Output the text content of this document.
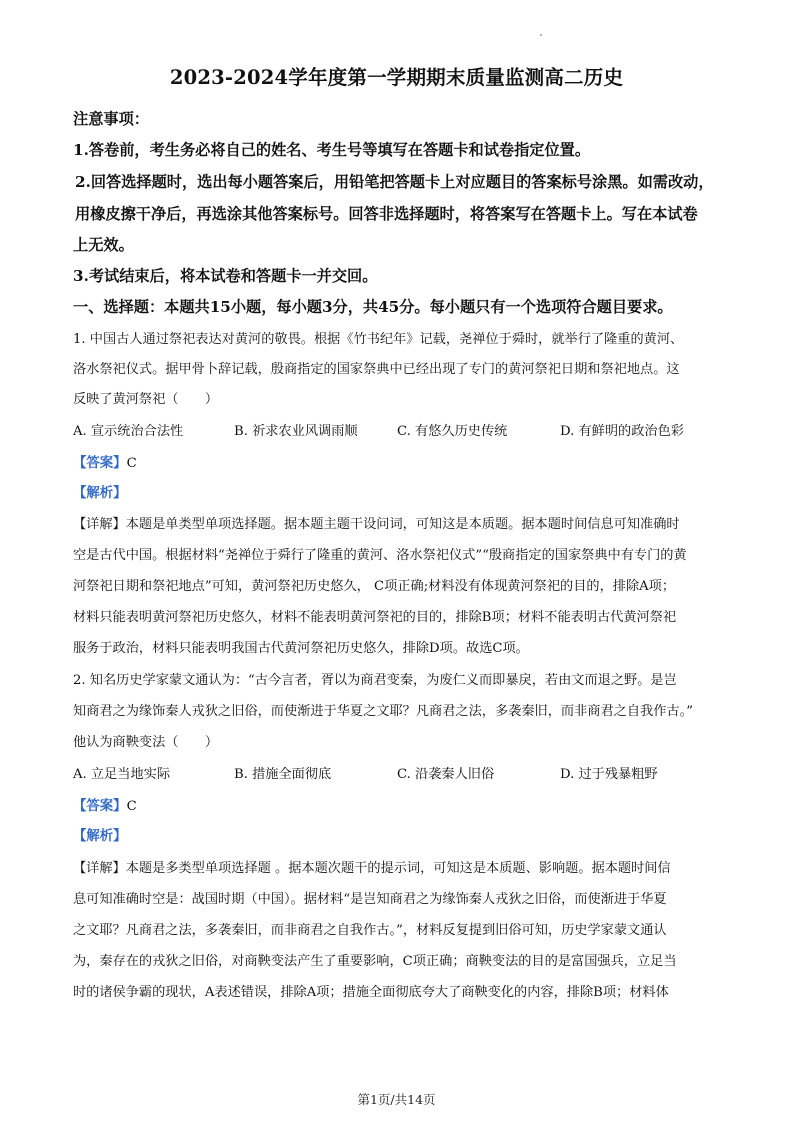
2023-2024学年度第一学期期末质量监测高二历史
注意事项：
1.答卷前，考生务必将自己的姓名、考生号等填写在答题卡和试卷指定位置。
2.回答选择题时，选出每小题答案后，用铅笔把答题卡上对应题目的答案标号涂黑。如需改动，
用橡皮擦干净后，再选涂其他答案标号。回答非选择题时，将答案写在答题卡上。写在本试卷
上无效。
3.考试结束后，将本试卷和答题卡一并交回。
一、选择题：本题共15小题，每小题3分，共45分。每小题只有一个选项符合题目要求。
1. 中国古人通过祭祀表达对黄河的敬畏。根据《竹书纪年》记载，尧禅位于舜时，就举行了隆重的黄河、
洛水祭祀仪式。据甲骨卜辞记载，殷商指定的国家祭典中已经出现了专门的黄河祭祀日期和祭祀地点。这
反映了黄河祭祀（　　）
A. 宣示统治合法性	B. 祈求农业风调雨顺	C. 有悠久历史传统	D. 有鲜明的政治色彩
【答案】C
【解析】
【详解】本题是单类型单项选择题。据本题主题干设问词，可知这是本质题。据本题时间信息可知准确时
空是古代中国。根据材料“尧禅位于舜行了隆重的黄河、洛水祭祀仪式”“殷商指定的国家祭典中有专门的黄
河祭祀日期和祭祀地点”可知，黄河祭祀历史悠久， C项正确;材料没有体现黄河祭祀的目的，排除A项；
材料只能表明黄河祭祀历史悠久，材料不能表明黄河祭祀的目的，排除B项；材料不能表明古代黄河祭祀
服务于政治，材料只能表明我国古代黄河祭祀历史悠久，排除D项。故选C项。
2. 知名历史学家蒙文通认为：“古今言者，胥以为商君变秦，为废仁义而即暴戾，若由文而退之野。是岂
知商君之为缘饰秦人戎狄之旧俗，而使渐进于华夏之文耶？凡商君之法，多袭秦旧，而非商君之自我作古。”
他认为商鞅变法（　　）
A. 立足当地实际	B. 措施全面彻底	C. 沿袭秦人旧俗	D. 过于残暴粗野
【答案】C
【解析】
【详解】本题是多类型单项选择题 。据本题次题干的提示词，可知这是本质题、影响题。据本题时间信
息可知准确时空是：战国时期（中国）。据材料“是岂知商君之为缘饰秦人戎狄之旧俗，而使渐进于华夏
之文耶？凡商君之法，多袭秦旧，而非商君之自我作古。”，材料反复提到旧俗可知，历史学家蒙文通认
为，秦存在的戎狄之旧俗，对商鞅变法产生了重要影响，C项正确；商鞅变法的目的是富国强兵，立足当
时的诸侯争霸的现状，A表述错误，排除A项；措施全面彻底夸大了商鞅变化的内容，排除B项；材料体
第1页/共14页
